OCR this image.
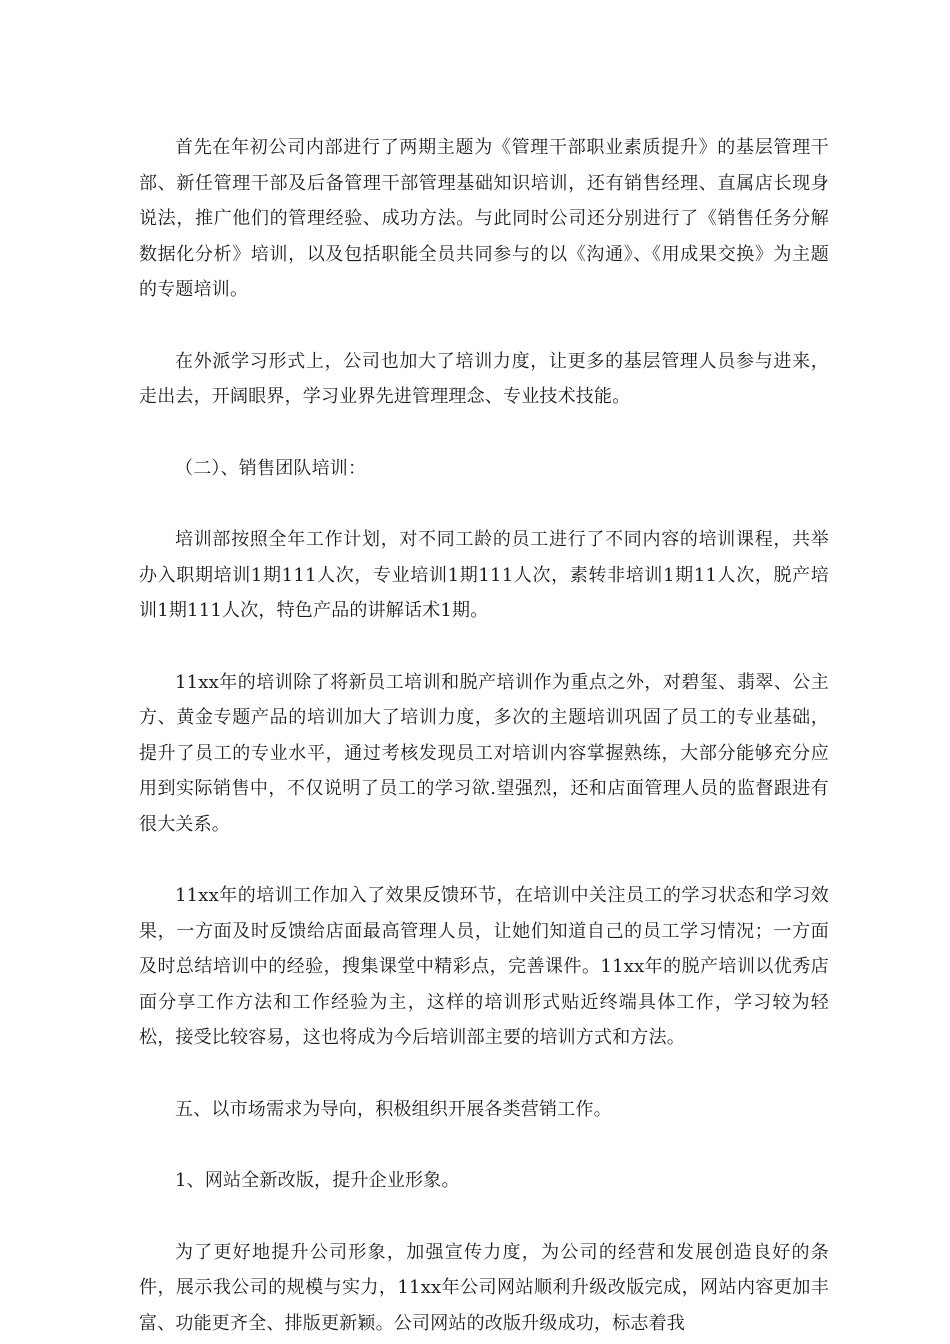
首先在年初公司内部进行了两期主题为《管理干部职业素质提升》的基层管理干部、新任管理干部及后备管理干部管理基础知识培训，还有销售经理、直属店长现身说法，推广他们的管理经验、成功方法。与此同时公司还分别进行了《销售任务分解数据化分析》培训，以及包括职能全员共同参与的以《沟通》、《用成果交换》为主题的专题培训。

在外派学习形式上，公司也加大了培训力度，让更多的基层管理人员参与进来，走出去，开阔眼界，学习业界先进管理理念、专业技术技能。

（二）、销售团队培训：

培训部按照全年工作计划，对不同工龄的员工进行了不同内容的培训课程，共举办入职期培训1期111人次，专业培训1期111人次，素转非培训1期11人次，脱产培训1期111人次，特色产品的讲解话术1期。

11xx年的培训除了将新员工培训和脱产培训作为重点之外，对碧玺、翡翠、公主方、黄金专题产品的培训加大了培训力度，多次的主题培训巩固了员工的专业基础，提升了员工的专业水平，通过考核发现员工对培训内容掌握熟练，大部分能够充分应用到实际销售中，不仅说明了员工的学习欲.望强烈，还和店面管理人员的监督跟进有很大关系。

11xx年的培训工作加入了效果反馈环节，在培训中关注员工的学习状态和学习效果，一方面及时反馈给店面最高管理人员，让她们知道自己的员工学习情况；一方面及时总结培训中的经验，搜集课堂中精彩点，完善课件。11xx年的脱产培训以优秀店面分享工作方法和工作经验为主，这样的培训形式贴近终端具体工作，学习较为轻松，接受比较容易，这也将成为今后培训部主要的培训方式和方法。

五、以市场需求为导向，积极组织开展各类营销工作。

1、网站全新改版，提升企业形象。

为了更好地提升公司形象，加强宣传力度，为公司的经营和发展创造良好的条件，展示我公司的规模与实力，11xx年公司网站顺利升级改版完成，网站内容更加丰富、功能更齐全、排版更新颖。公司网站的改版升级成功，标志着我
